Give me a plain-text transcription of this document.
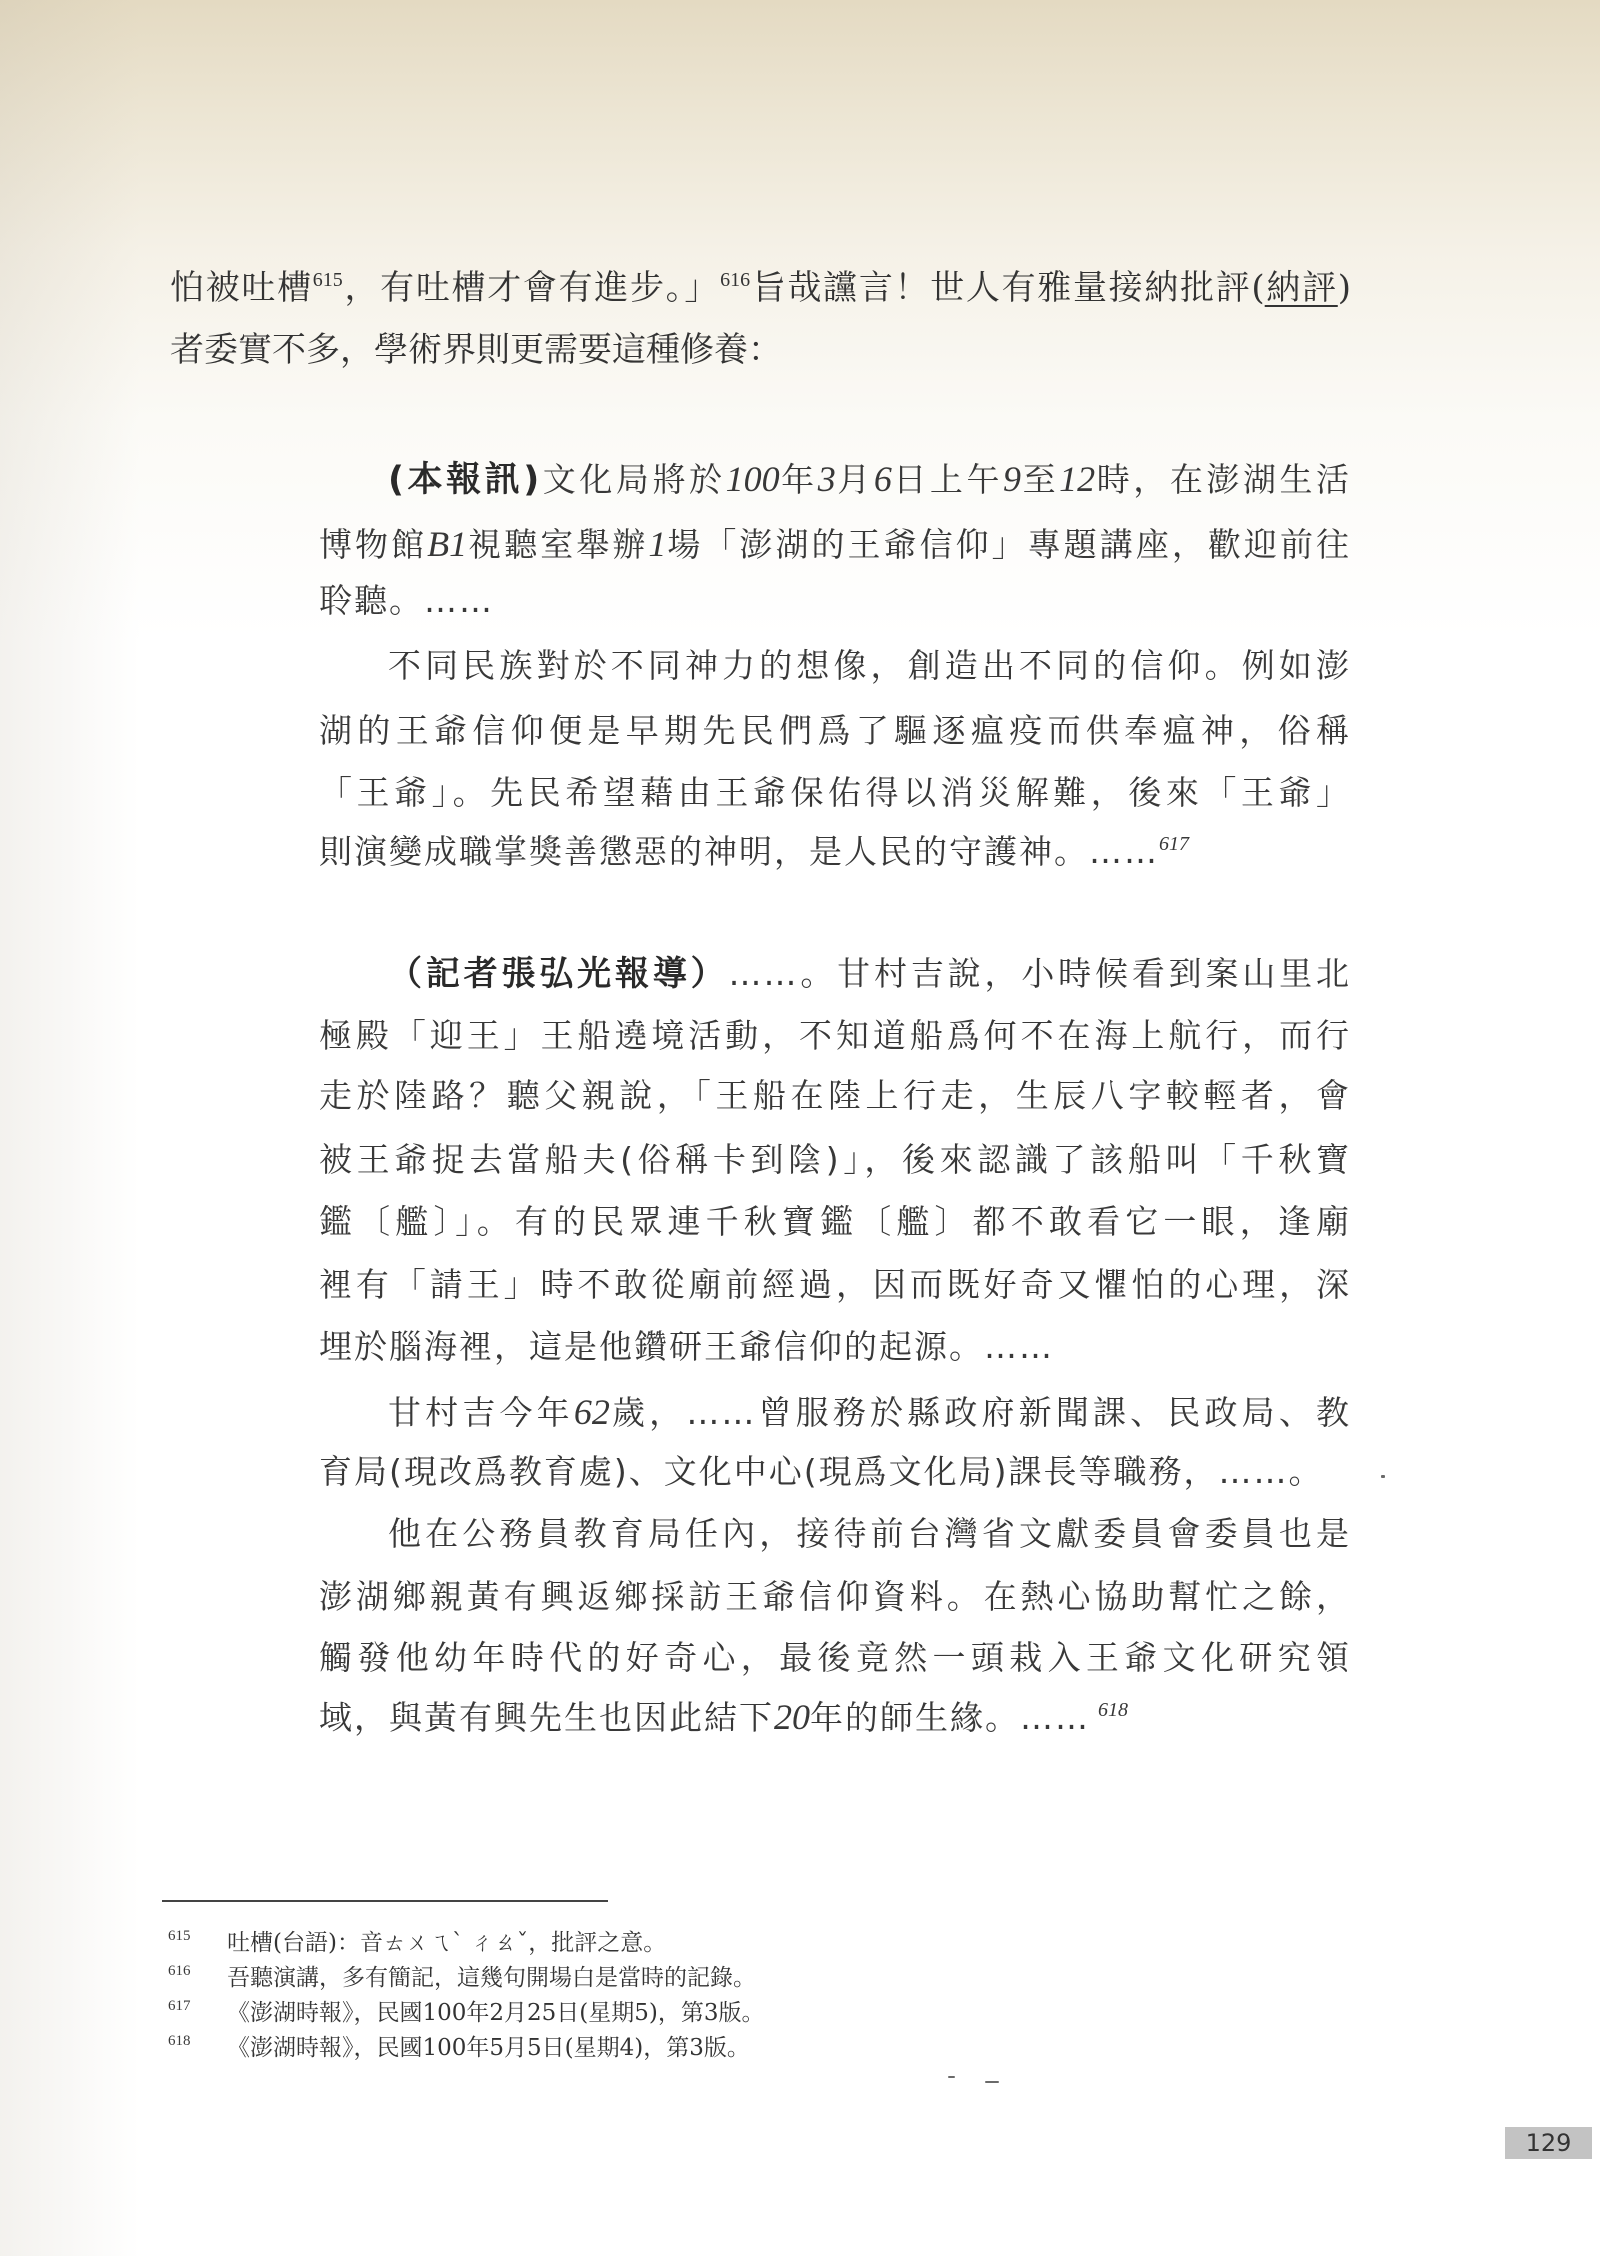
怕被吐槽$^{615}$，有吐槽才會有進步。」$^{616}$旨哉讜言！世人有雅量接納批評(納評)
者委實不多，學術界則更需要這種修養：
(本報訊)文化局將於100年3月6日上午9至12時，在澎湖生活
博物館B1視聽室舉辦1場「澎湖的王爺信仰」專題講座，歡迎前往
聆聽。……
不同民族對於不同神力的想像，創造出不同的信仰。例如澎
湖的王爺信仰便是早期先民們爲了驅逐瘟疫而供奉瘟神，俗稱
「王爺」。先民希望藉由王爺保佑得以消災解難，後來「王爺」
則演變成職掌獎善懲惡的神明，是人民的守護神。……$^{617}$
（記者張弘光報導）……。甘村吉說，小時候看到案山里北
極殿「迎王」王船遶境活動，不知道船爲何不在海上航行，而行
走於陸路？聽父親說，「王船在陸上行走，生辰八字較輕者，會
被王爺捉去當船夫(俗稱卡到陰)」，後來認識了該船叫「千秋寶
鑑〔艦〕」。有的民眾連千秋寶鑑〔艦〕都不敢看它一眼，逢廟
裡有「請王」時不敢從廟前經過，因而既好奇又懼怕的心理，深
埋於腦海裡，這是他鑽研王爺信仰的起源。……
甘村吉今年62歲，……曾服務於縣政府新聞課、民政局、教
育局(現改爲教育處)、文化中心(現爲文化局)課長等職務，……。
他在公務員教育局任內，接待前台灣省文獻委員會委員也是
澎湖鄉親黃有興返鄉採訪王爺信仰資料。在熱心協助幫忙之餘，
觸發他幼年時代的好奇心，最後竟然一頭栽入王爺文化研究領
域，與黃有興先生也因此結下20年的師生緣。…… $^{618}$
615 吐槽(台語)：音ㄊㄨㄟˋ ㄔㄠˇ，批評之意。
616 吾聽演講，多有簡記，這幾句開場白是當時的記錄。
617 《澎湖時報》，民國100年2月25日(星期5)，第3版。
618 《澎湖時報》，民國100年5月5日(星期4)，第3版。
129
